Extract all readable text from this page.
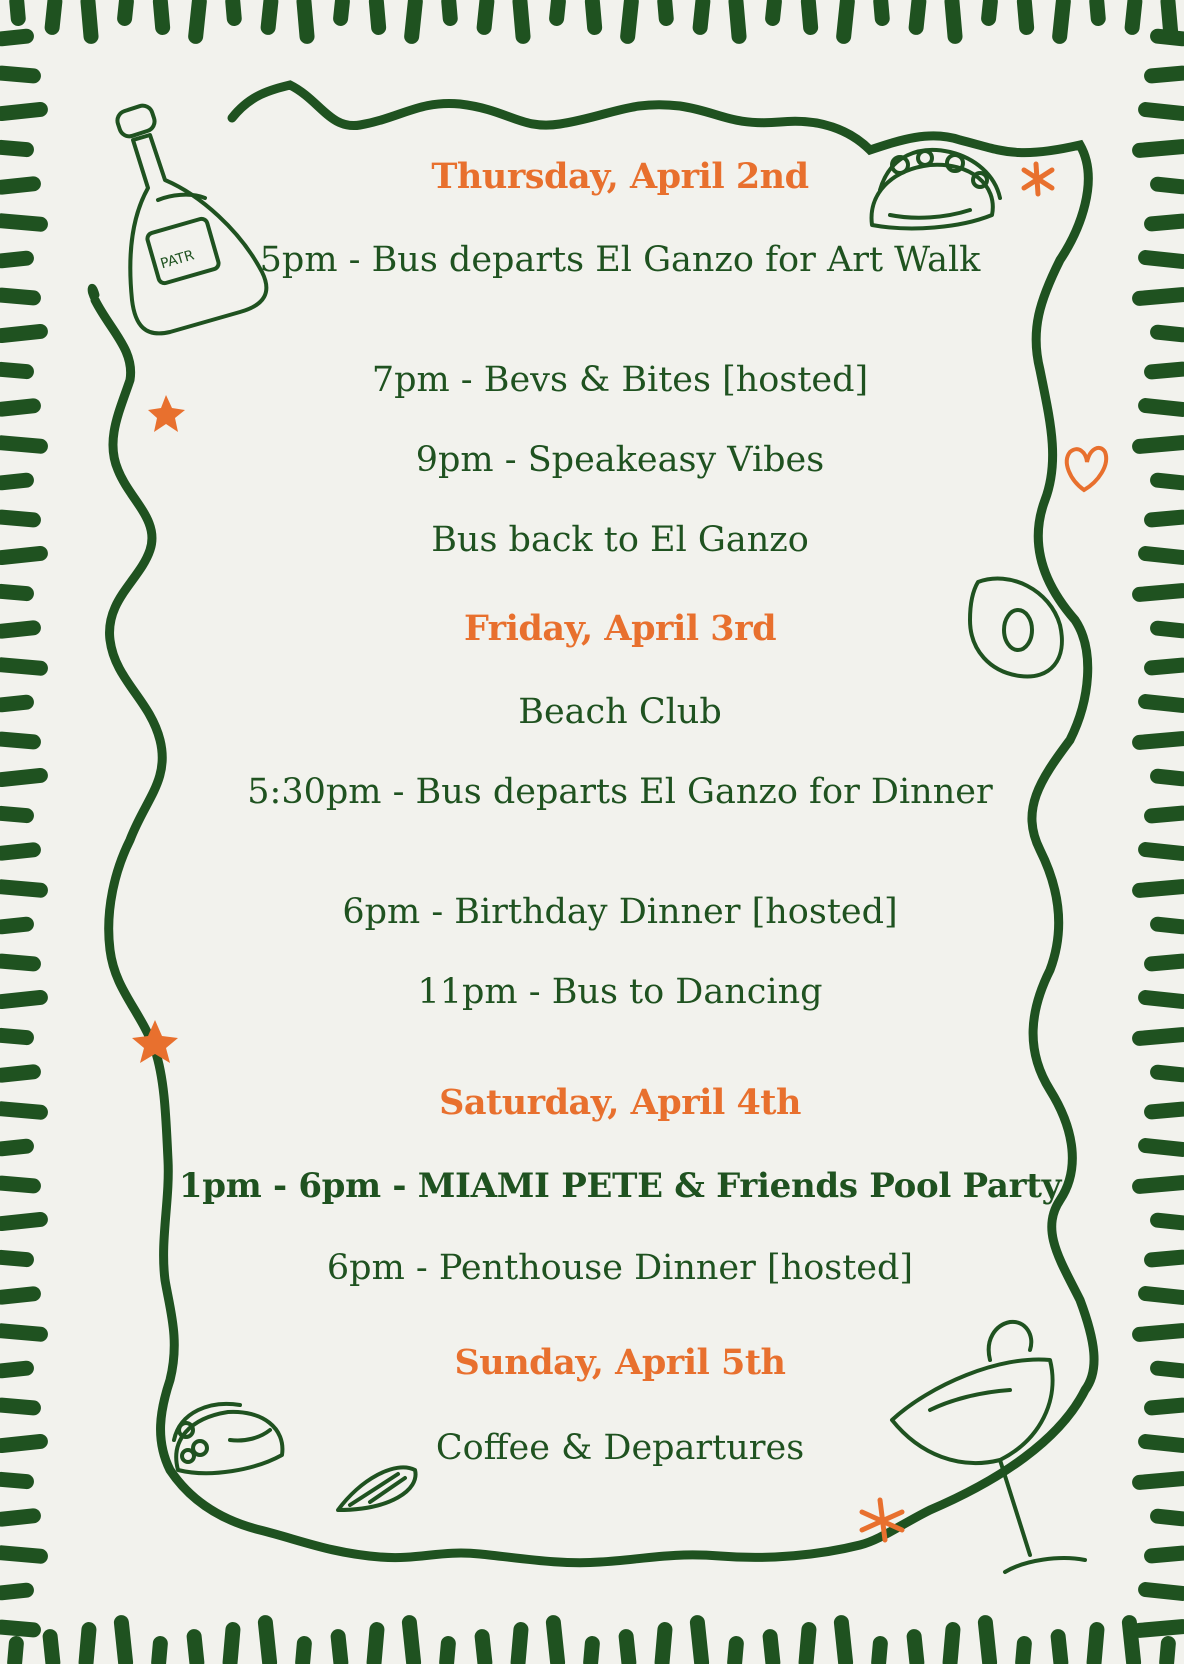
PATR
Thursday, April 2nd
5pm - Bus departs El Ganzo for Art Walk
7pm - Bevs & Bites [hosted]
9pm - Speakeasy Vibes
Bus back to El Ganzo
Friday, April 3rd
Beach Club
5:30pm - Bus departs El Ganzo for Dinner
6pm - Birthday Dinner [hosted]
11pm - Bus to Dancing
Saturday, April 4th
1pm - 6pm - MIAMI PETE & Friends Pool Party
6pm - Penthouse Dinner [hosted]
Sunday, April 5th
Coffee & Departures
